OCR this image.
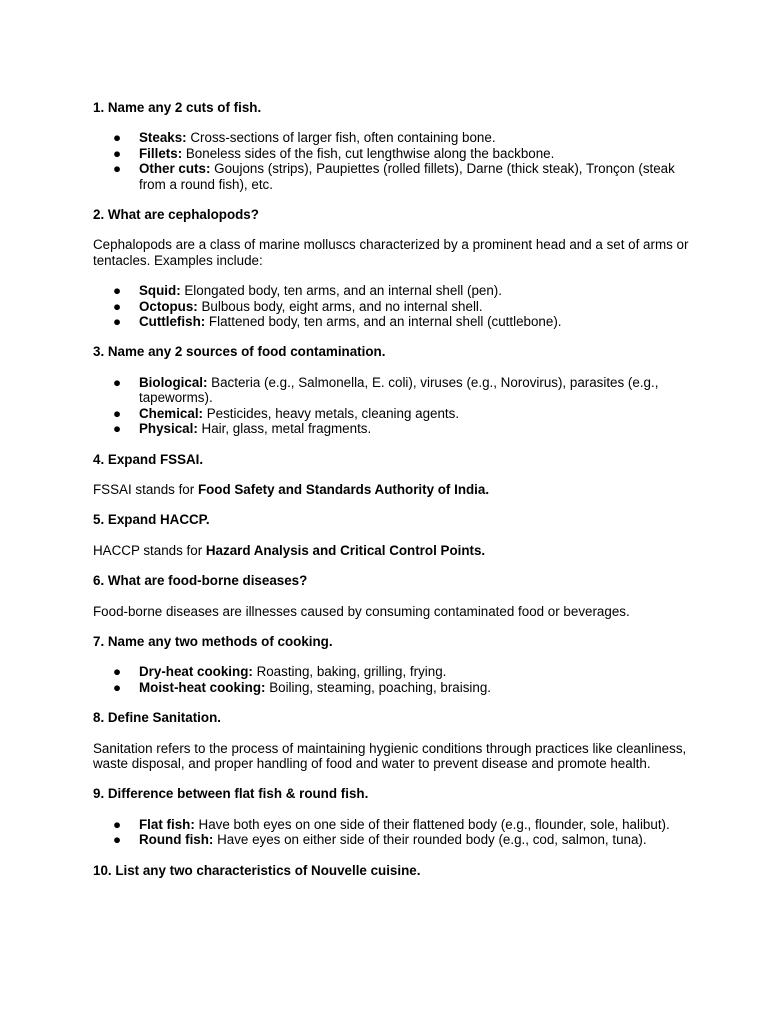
1. Name any 2 cuts of fish.
● Steaks: Cross-sections of larger fish, often containing bone.
● Fillets: Boneless sides of the fish, cut lengthwise along the backbone.
● Other cuts: Goujons (strips), Paupiettes (rolled fillets), Darne (thick steak), Tronçon (steak from a round fish), etc.
2. What are cephalopods?
Cephalopods are a class of marine molluscs characterized by a prominent head and a set of arms or tentacles. Examples include:
● Squid: Elongated body, ten arms, and an internal shell (pen).
● Octopus: Bulbous body, eight arms, and no internal shell.
● Cuttlefish: Flattened body, ten arms, and an internal shell (cuttlebone).
3. Name any 2 sources of food contamination.
● Biological: Bacteria (e.g., Salmonella, E. coli), viruses (e.g., Norovirus), parasites (e.g., tapeworms).
● Chemical: Pesticides, heavy metals, cleaning agents.
● Physical: Hair, glass, metal fragments.
4. Expand FSSAI.
FSSAI stands for Food Safety and Standards Authority of India.
5. Expand HACCP.
HACCP stands for Hazard Analysis and Critical Control Points.
6. What are food-borne diseases?
Food-borne diseases are illnesses caused by consuming contaminated food or beverages.
7. Name any two methods of cooking.
● Dry-heat cooking: Roasting, baking, grilling, frying.
● Moist-heat cooking: Boiling, steaming, poaching, braising.
8. Define Sanitation.
Sanitation refers to the process of maintaining hygienic conditions through practices like cleanliness, waste disposal, and proper handling of food and water to prevent disease and promote health.
9. Difference between flat fish & round fish.
● Flat fish: Have both eyes on one side of their flattened body (e.g., flounder, sole, halibut).
● Round fish: Have eyes on either side of their rounded body (e.g., cod, salmon, tuna).
10. List any two characteristics of Nouvelle cuisine.
